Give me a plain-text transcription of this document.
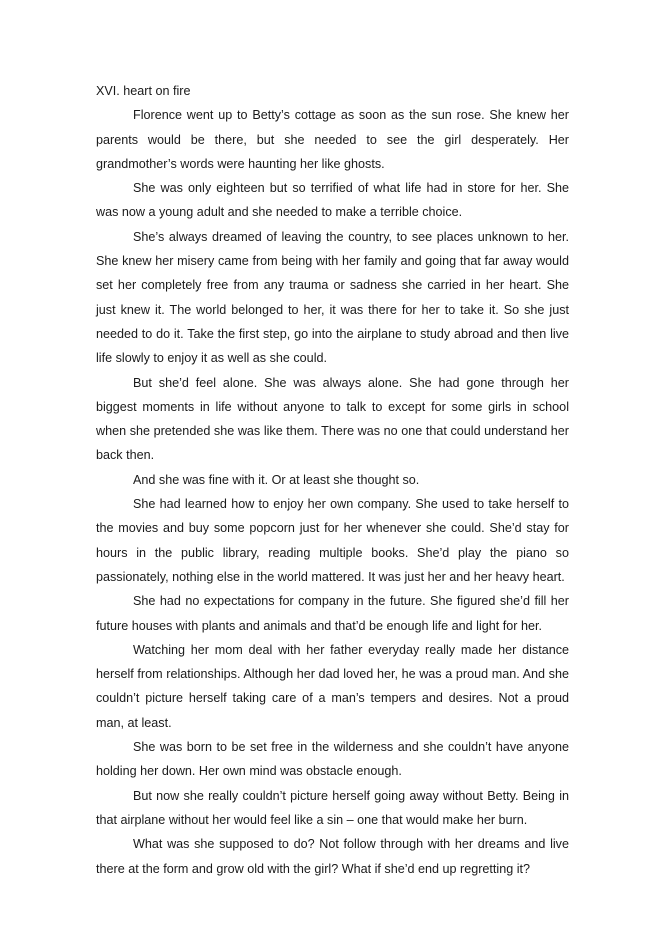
XVI. heart on fire

Florence went up to Betty’s cottage as soon as the sun rose. She knew her parents would be there, but she needed to see the girl desperately. Her grandmother’s words were haunting her like ghosts.

She was only eighteen but so terrified of what life had in store for her. She was now a young adult and she needed to make a terrible choice.

She’s always dreamed of leaving the country, to see places unknown to her. She knew her misery came from being with her family and going that far away would set her completely free from any trauma or sadness she carried in her heart. She just knew it. The world belonged to her, it was there for her to take it. So she just needed to do it. Take the first step, go into the airplane to study abroad and then live life slowly to enjoy it as well as she could.

But she’d feel alone. She was always alone. She had gone through her biggest moments in life without anyone to talk to except for some girls in school when she pretended she was like them. There was no one that could understand her back then.

And she was fine with it. Or at least she thought so.

She had learned how to enjoy her own company. She used to take herself to the movies and buy some popcorn just for her whenever she could. She’d stay for hours in the public library, reading multiple books. She’d play the piano so passionately, nothing else in the world mattered. It was just her and her heavy heart.

She had no expectations for company in the future. She figured she’d fill her future houses with plants and animals and that’d be enough life and light for her.

Watching her mom deal with her father everyday really made her distance herself from relationships. Although her dad loved her, he was a proud man. And she couldn’t picture herself taking care of a man’s tempers and desires. Not a proud man, at least.

She was born to be set free in the wilderness and she couldn’t have anyone holding her down. Her own mind was obstacle enough.

But now she really couldn’t picture herself going away without Betty. Being in that airplane without her would feel like a sin – one that would make her burn.

What was she supposed to do? Not follow through with her dreams and live there at the form and grow old with the girl? What if she’d end up regretting it?
